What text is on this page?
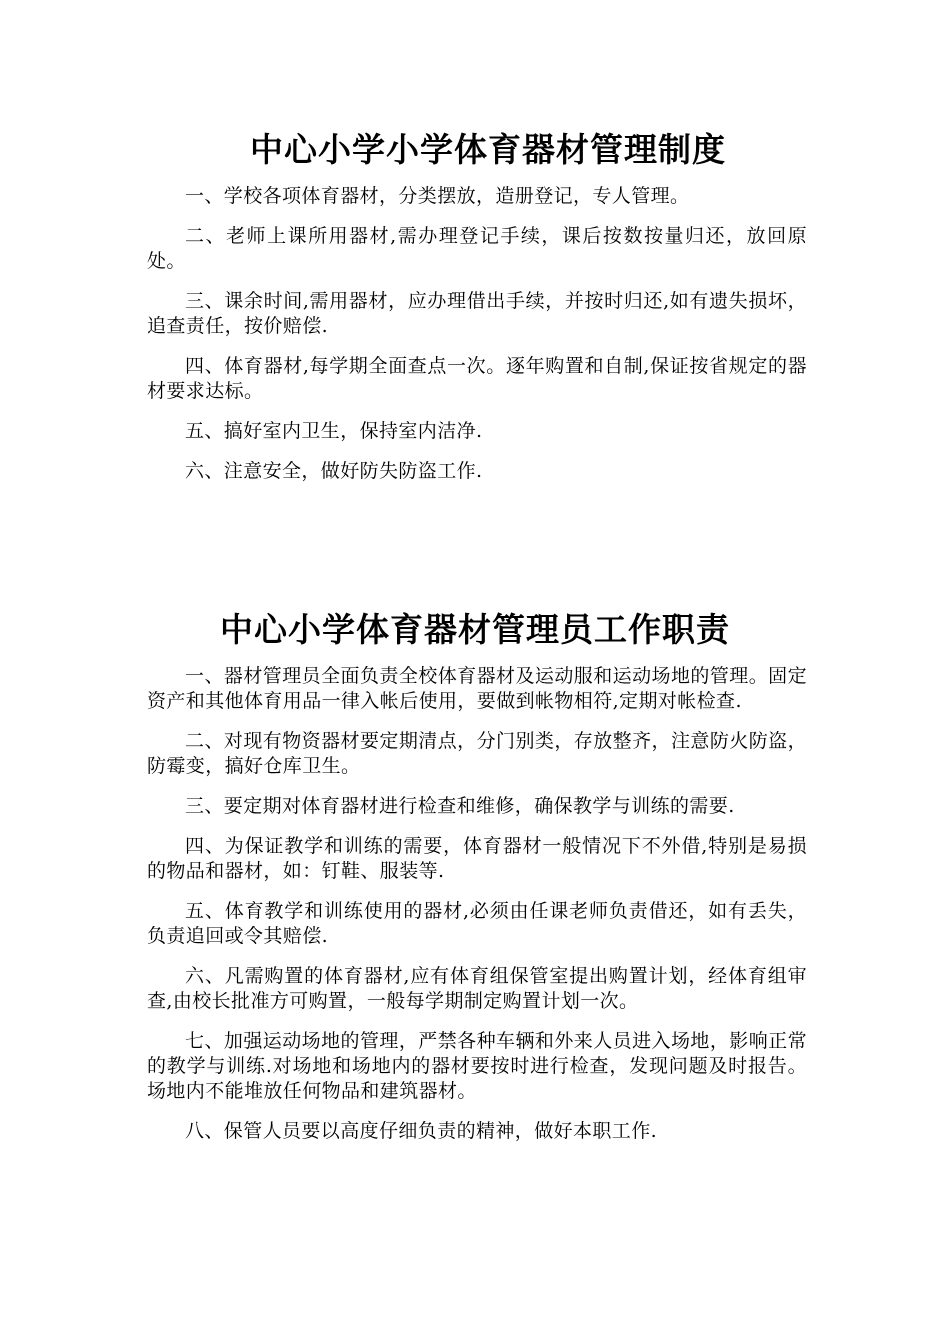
中心小学小学体育器材管理制度

一、学校各项体育器材，分类摆放，造册登记，专人管理。

二、老师上课所用器材,需办理登记手续，课后按数按量归还，放回原处。

三、课余时间,需用器材，应办理借出手续，并按时归还,如有遗失损坏，追查责任，按价赔偿.

四、体育器材,每学期全面查点一次。逐年购置和自制,保证按省规定的器材要求达标。

五、搞好室内卫生，保持室内洁净.

六、注意安全，做好防失防盗工作.

中心小学体育器材管理员工作职责

一、器材管理员全面负责全校体育器材及运动服和运动场地的管理。固定资产和其他体育用品一律入帐后使用，要做到帐物相符,定期对帐检查.

二、对现有物资器材要定期清点，分门别类，存放整齐，注意防火防盗，防霉变，搞好仓库卫生。

三、要定期对体育器材进行检查和维修，确保教学与训练的需要.

四、为保证教学和训练的需要，体育器材一般情况下不外借,特别是易损的物品和器材，如：钉鞋、服装等.

五、体育教学和训练使用的器材,必须由任课老师负责借还，如有丢失，负责追回或令其赔偿.

六、凡需购置的体育器材,应有体育组保管室提出购置计划，经体育组审查,由校长批准方可购置，一般每学期制定购置计划一次。

七、加强运动场地的管理，严禁各种车辆和外来人员进入场地，影响正常的教学与训练.对场地和场地内的器材要按时进行检查，发现问题及时报告。场地内不能堆放任何物品和建筑器材。

八、保管人员要以高度仔细负责的精神，做好本职工作.
